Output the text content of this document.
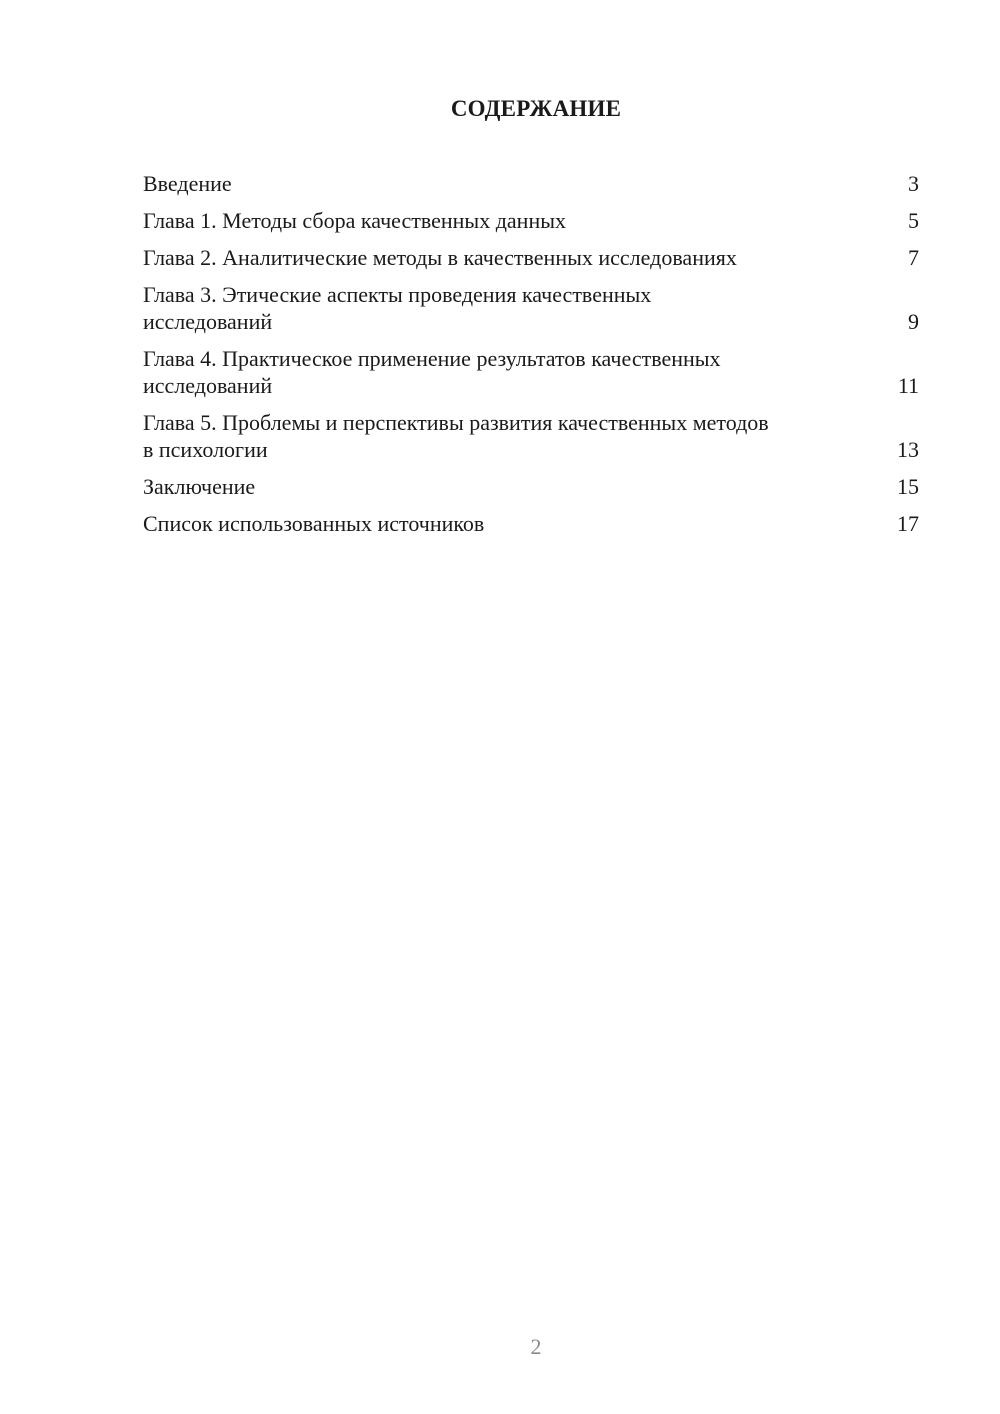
СОДЕРЖАНИЕ
Введение	3
Глава 1. Методы сбора качественных данных	5
Глава 2. Аналитические методы в качественных исследованиях	7
Глава 3. Этические аспекты проведения качественных исследований	9
Глава 4. Практическое применение результатов качественных исследований	11
Глава 5. Проблемы и перспективы развития качественных методов в психологии	13
Заключение	15
Список использованных источников	17
2
